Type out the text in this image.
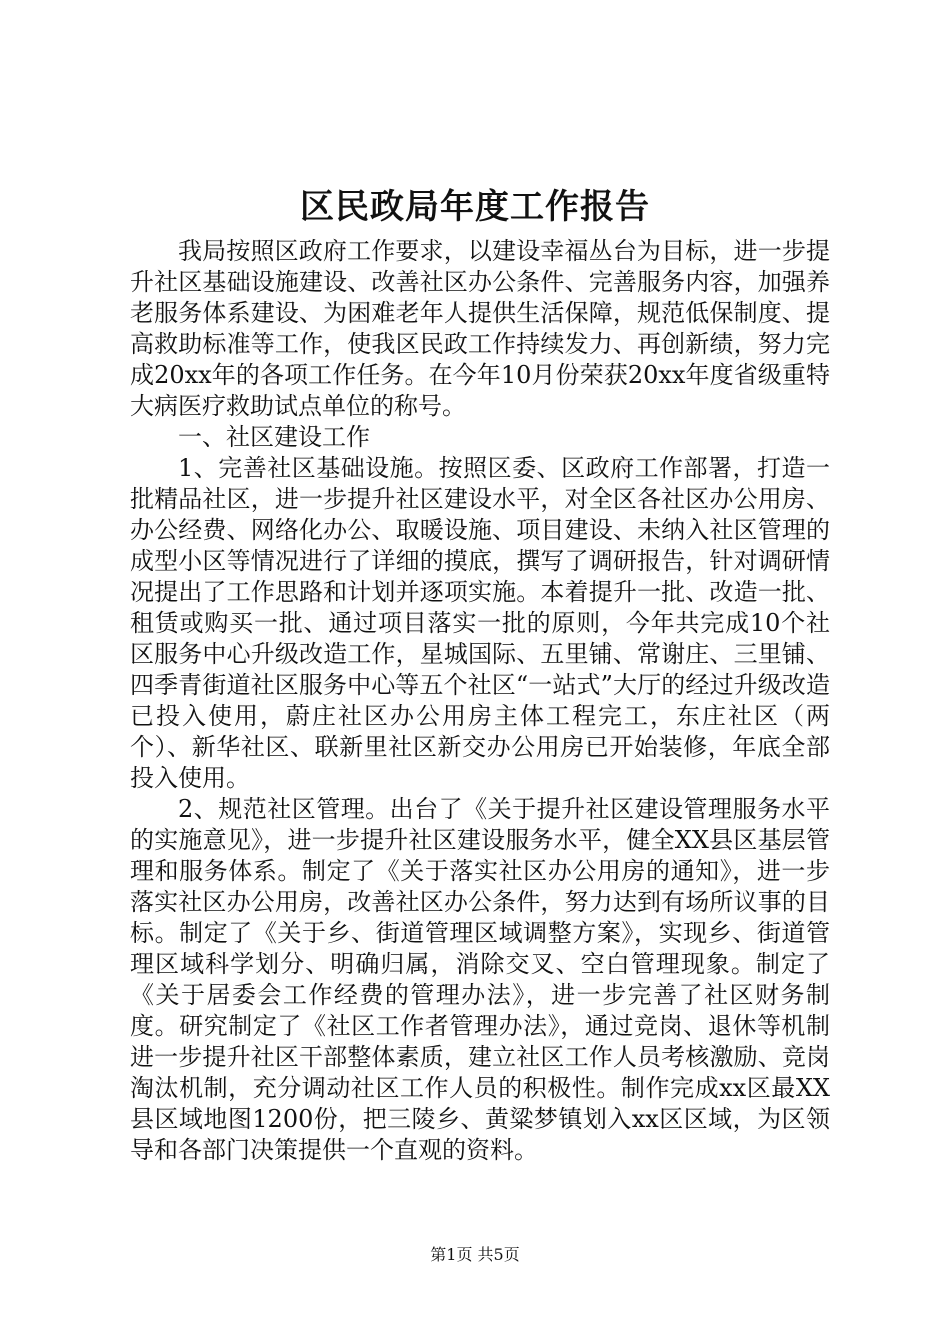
区民政局年度工作报告

我局按照区政府工作要求，以建设幸福丛台为目标，进一步提升社区基础设施建设、改善社区办公条件、完善服务内容，加强养老服务体系建设、为困难老年人提供生活保障，规范低保制度、提高救助标准等工作，使我区民政工作持续发力、再创新绩，努力完成20xx年的各项工作任务。在今年10月份荣获20xx年度省级重特大病医疗救助试点单位的称号。

一、社区建设工作

1、完善社区基础设施。按照区委、区政府工作部署，打造一批精品社区，进一步提升社区建设水平，对全区各社区办公用房、办公经费、网络化办公、取暖设施、项目建设、未纳入社区管理的成型小区等情况进行了详细的摸底，撰写了调研报告，针对调研情况提出了工作思路和计划并逐项实施。本着提升一批、改造一批、租赁或购买一批、通过项目落实一批的原则，今年共完成10个社区服务中心升级改造工作，星城国际、五里铺、常谢庄、三里铺、四季青街道社区服务中心等五个社区“一站式”大厅的经过升级改造已投入使用，蔚庄社区办公用房主体工程完工，东庄社区（两个）、新华社区、联新里社区新交办公用房已开始装修，年底全部投入使用。

2、规范社区管理。出台了《关于提升社区建设管理服务水平的实施意见》，进一步提升社区建设服务水平，健全XX县区基层管理和服务体系。制定了《关于落实社区办公用房的通知》，进一步落实社区办公用房，改善社区办公条件，努力达到有场所议事的目标。制定了《关于乡、街道管理区域调整方案》，实现乡、街道管理区域科学划分、明确归属，消除交叉、空白管理现象。制定了《关于居委会工作经费的管理办法》，进一步完善了社区财务制度。研究制定了《社区工作者管理办法》，通过竞岗、退休等机制进一步提升社区干部整体素质，建立社区工作人员考核激励、竞岗淘汰机制，充分调动社区工作人员的积极性。制作完成xx区最XX县区域地图1200份，把三陵乡、黄粱梦镇划入xx区区域，为区领导和各部门决策提供一个直观的资料。

第1页 共5页
